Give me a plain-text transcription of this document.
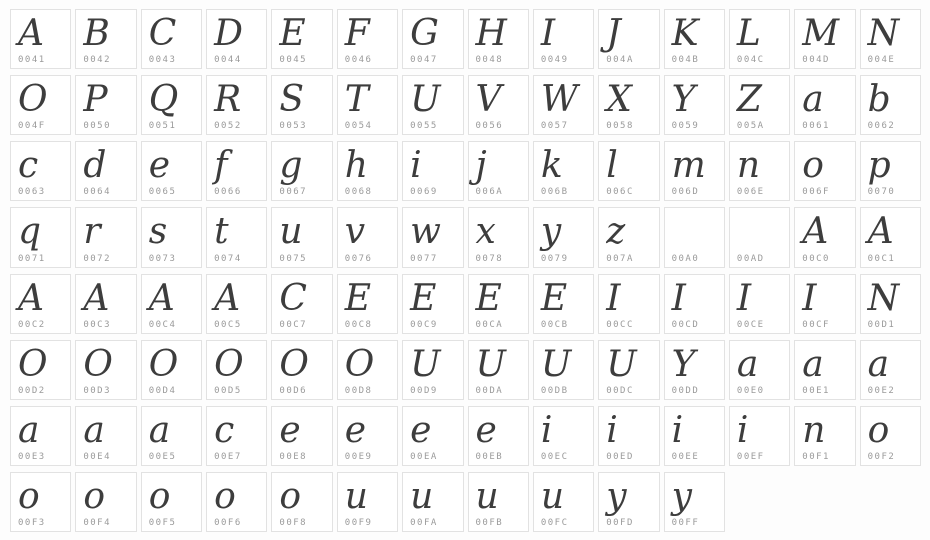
A
0041
B
0042
C
0043
D
0044
E
0045
F
0046
G
0047
H
0048
I
0049
J
004A
K
004B
L
004C
M
004D
N
004E
O
004F
P
0050
Q
0051
R
0052
S
0053
T
0054
U
0055
V
0056
W
0057
X
0058
Y
0059
Z
005A
a
0061
b
0062
c
0063
d
0064
e
0065
f
0066
g
0067
h
0068
i
0069
j
006A
k
006B
l
006C
m
006D
n
006E
o
006F
p
0070
q
0071
r
0072
s
0073
t
0074
u
0075
v
0076
w
0077
x
0078
y
0079
z
007A	00A0	00AD
A
00C0
A
00C1
A
00C2
A
00C3
A
00C4
A
00C5
C
00C7
E
00C8
E
00C9
E
00CA
E
00CB
I
00CC
I
00CD
I
00CE
I
00CF
N
00D1
O
00D2
O
00D3
O
00D4
O
00D5
O
00D6
O
00D8
U
00D9
U
00DA
U
00DB
U
00DC
Y
00DD
a
00E0
a
00E1
a
00E2
a
00E3
a
00E4
a
00E5
c
00E7
e
00E8
e
00E9
e
00EA
e
00EB
i
00EC
i
00ED
i
00EE
i
00EF
n
00F1
o
00F2
o
00F3
o
00F4
o
00F5
o
00F6
o
00F8
u
00F9
u
00FA
u
00FB
u
00FC
y
00FD
y
00FF
